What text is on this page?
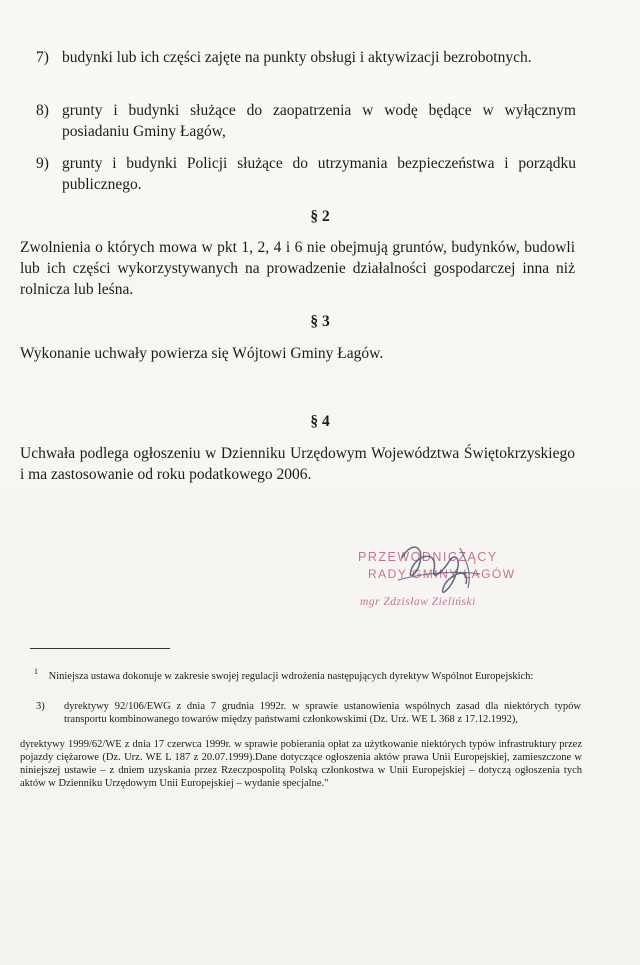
7) budynki lub ich części zajęte na punkty obsługi i aktywizacji bezrobotnych.
8) grunty i budynki służące do zaopatrzenia w wodę będące w wyłącznym posiadaniu Gminy Łagów,
9) grunty i budynki Policji służące do utrzymania bezpieczeństwa i porządku publicznego.
§ 2
Zwolnienia o których mowa w pkt 1, 2, 4 i 6 nie obejmują gruntów, budynków, budowli lub ich części wykorzystywanych na prowadzenie działalności gospodarczej inna niż rolnicza lub leśna.
§ 3
Wykonanie uchwały powierza się Wójtowi Gminy Łagów.
§ 4
Uchwała podlega ogłoszeniu w Dzienniku Urzędowym Województwa Świętokrzyskiego i ma zastosowanie od roku podatkowego 2006.
PRZEWODNICZĄCY
RADY GMINY ŁAGÓW
mgr Zdzisław Zieliński
$^1$ Niniejsza ustawa dokonuje w zakresie swojej regulacji wdrożenia następujących dyrektyw Wspólnot Europejskich:
3) dyrektywy 92/106/EWG z dnia 7 grudnia 1992r. w sprawie ustanowienia wspólnych zasad dla niektórych typów transportu kombinowanego towarów między państwami członkowskimi (Dz. Urz. WE L 368 z 17.12.1992),
dyrektywy 1999/62/WE z dnia 17 czerwca 1999r. w sprawie pobierania opłat za użytkowanie niektórych typów infrastruktury przez pojazdy ciężarowe (Dz. Urz. WE L 187 z 20.07.1999).Dane dotyczące ogłoszenia aktów prawa Unii Europejskiej, zamieszczone w niniejszej ustawie – z dniem uzyskania przez Rzeczpospolitą Polską członkostwa w Unii Europejskiej – dotyczą ogłoszenia tych aktów w Dzienniku Urzędowym Unii Europejskiej – wydanie specjalne."
